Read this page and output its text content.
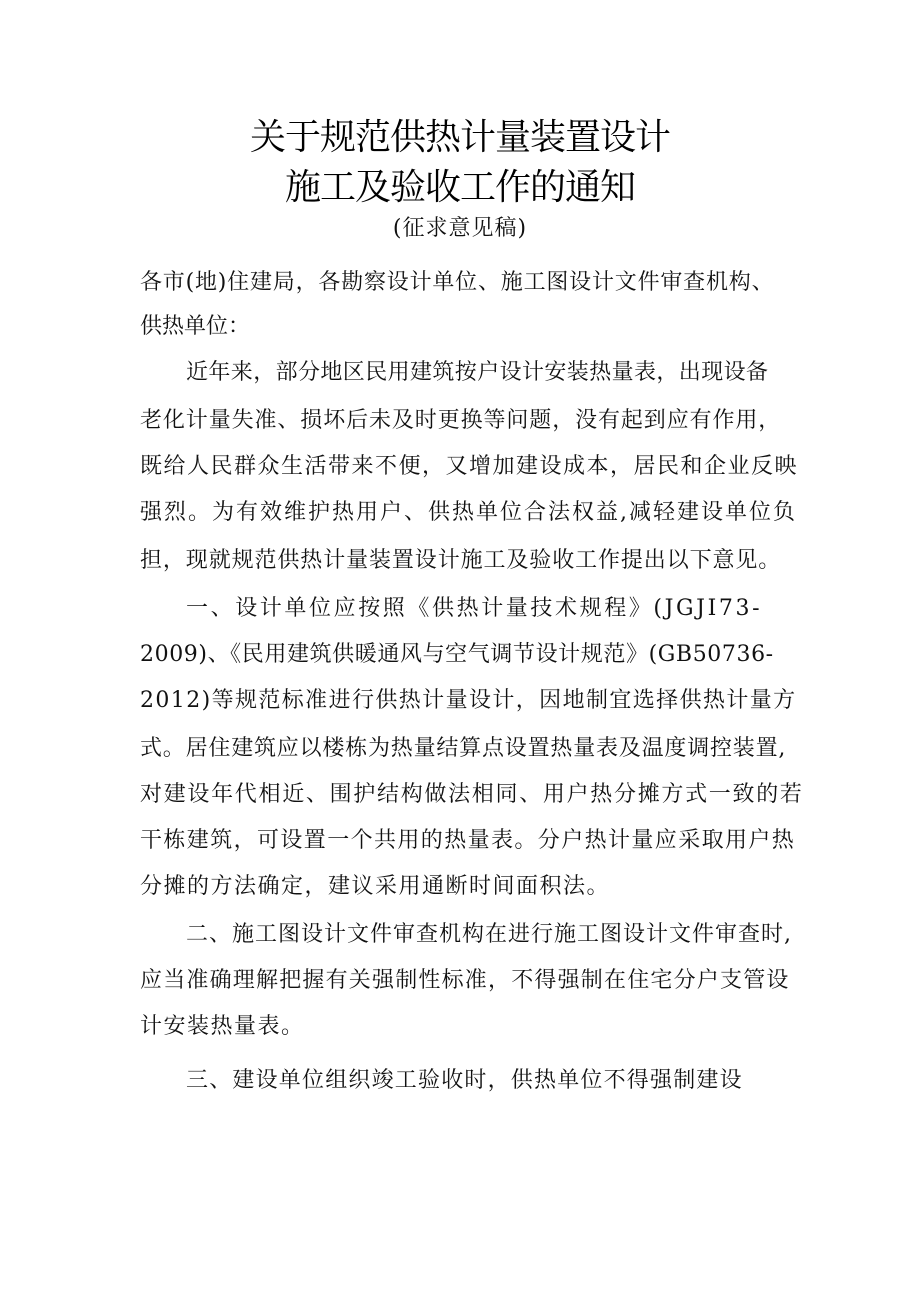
关于规范供热计量装置设计
施工及验收工作的通知
(征求意见稿)
各市(地)住建局，各勘察设计单位、施工图设计文件审查机构、
供热单位：
近年来，部分地区民用建筑按户设计安装热量表，出现设备
老化计量失准、损坏后未及时更换等问题，没有起到应有作用，
既给人民群众生活带来不便，又增加建设成本，居民和企业反映
强烈。为有效维护热用户、供热单位合法权益,减轻建设单位负
担，现就规范供热计量装置设计施工及验收工作提出以下意见。
一、设计单位应按照《供热计量技术规程》(JGJI73-
2009)、《民用建筑供暖通风与空气调节设计规范》(GB50736-
2012)等规范标准进行供热计量设计，因地制宜选择供热计量方
式。居住建筑应以楼栋为热量结算点设置热量表及温度调控装置,
对建设年代相近、围护结构做法相同、用户热分摊方式一致的若
干栋建筑，可设置一个共用的热量表。分户热计量应采取用户热
分摊的方法确定，建议采用通断时间面积法。
二、施工图设计文件审查机构在进行施工图设计文件审查时,
应当准确理解把握有关强制性标准，不得强制在住宅分户支管设
计安装热量表。
三、建设单位组织竣工验收时，供热单位不得强制建设
